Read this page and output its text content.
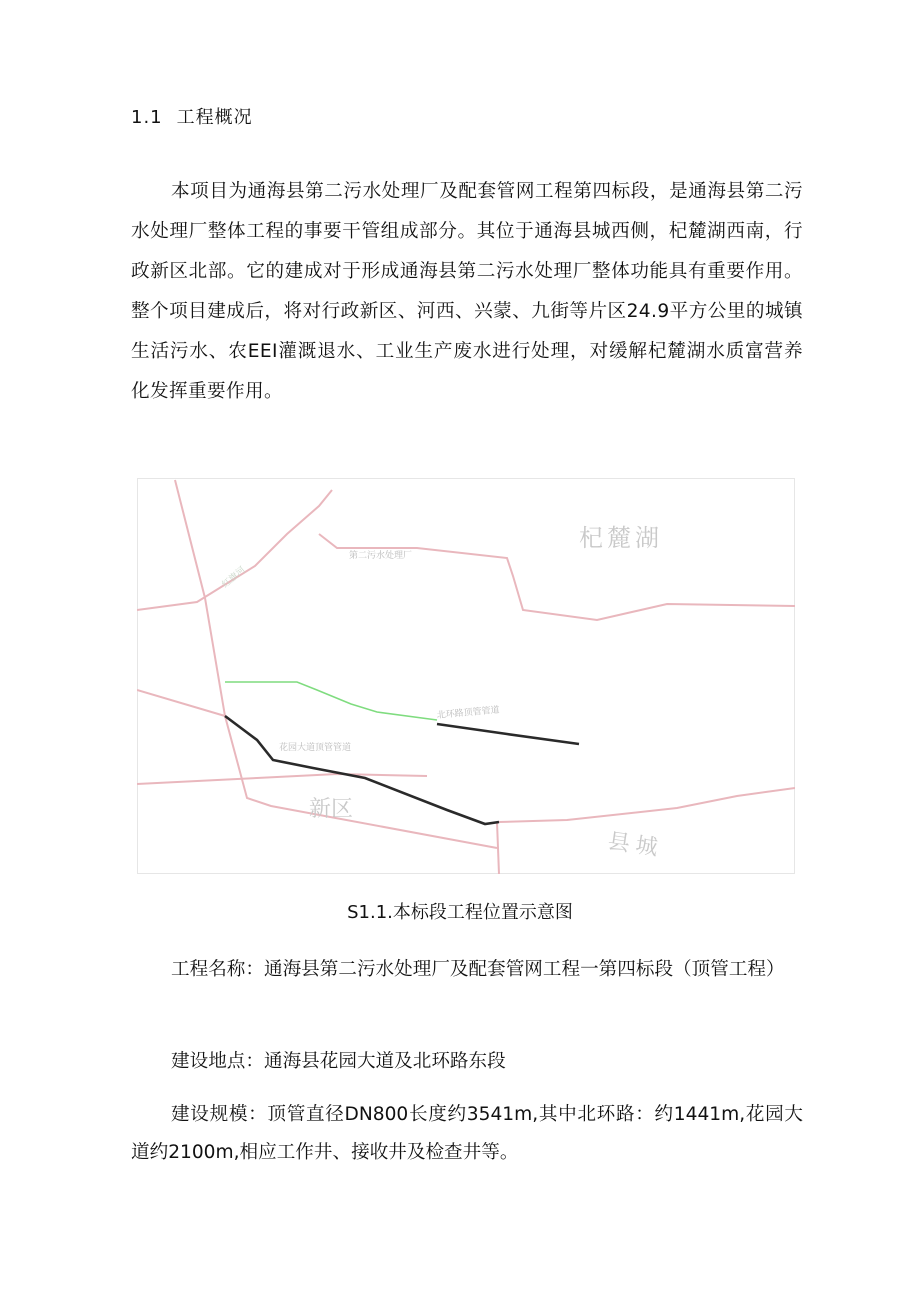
1.1 工程概况

本项目为通海县第二污水处理厂及配套管网工程第四标段，是通海县第二污水处理厂整体工程的事要干管组成部分。其位于通海县城西侧，杞麓湖西南，行政新区北部。它的建成对于形成通海县第二污水处理厂整体功能具有重要作用。整个项目建成后，将对行政新区、河西、兴蒙、九街等片区24.9平方公里的城镇生活污水、农EEI灌溉退水、工业生产废水进行处理，对缓解杞麓湖水质富营养化发挥重要作用。

杞麓湖
新区
县城
第二污水处理厂
北环路顶管管道
花园大道顶管管道
红旗河
S1.1.本标段工程位置示意图

工程名称：通海县第二污水处理厂及配套管网工程一第四标段（顶管工程）

建设地点：通海县花园大道及北环路东段

建设规模：顶管直径DN800长度约3541m,其中北环路：约1441m,花园大道约2100m,相应工作井、接收井及检查井等。
